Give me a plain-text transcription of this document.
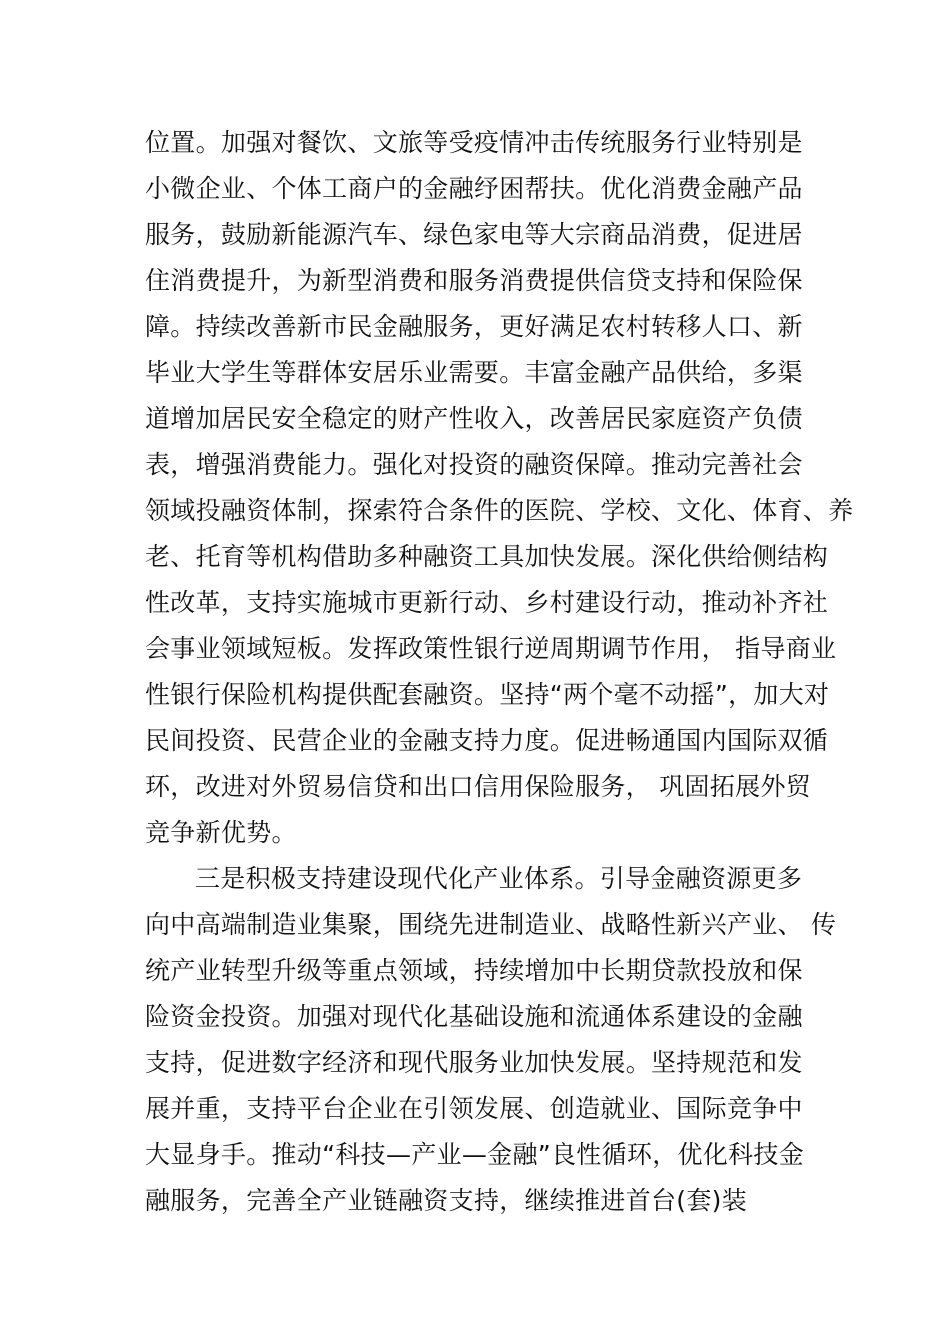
位置。加强对餐饮、文旅等受疫情冲击传统服务行业特别是
小微企业、个体工商户的金融纾困帮扶。优化消费金融产品
服务，鼓励新能源汽车、绿色家电等大宗商品消费，促进居
住消费提升，为新型消费和服务消费提供信贷支持和保险保
障。持续改善新市民金融服务，更好满足农村转移人口、新
毕业大学生等群体安居乐业需要。丰富金融产品供给，多渠
道增加居民安全稳定的财产性收入，改善居民家庭资产负债
表，增强消费能力。强化对投资的融资保障。推动完善社会
领域投融资体制，探索符合条件的医院、学校、文化、体育、养
老、托育等机构借助多种融资工具加快发展。深化供给侧结构
性改革，支持实施城市更新行动、乡村建设行动，推动补齐社
会事业领域短板。发挥政策性银行逆周期调节作用， 指导商业
性银行保险机构提供配套融资。坚持“两个毫不动摇”，加大对
民间投资、民营企业的金融支持力度。促进畅通国内国际双循
环，改进对外贸易信贷和出口信用保险服务， 巩固拓展外贸
竞争新优势。
三是积极支持建设现代化产业体系。引导金融资源更多
向中高端制造业集聚，围绕先进制造业、战略性新兴产业、 传
统产业转型升级等重点领域，持续增加中长期贷款投放和保
险资金投资。加强对现代化基础设施和流通体系建设的金融
支持，促进数字经济和现代服务业加快发展。坚持规范和发
展并重，支持平台企业在引领发展、创造就业、国际竞争中
大显身手。推动“科技—产业—金融”良性循环，优化科技金
融服务，完善全产业链融资支持，继续推进首台(套)装
